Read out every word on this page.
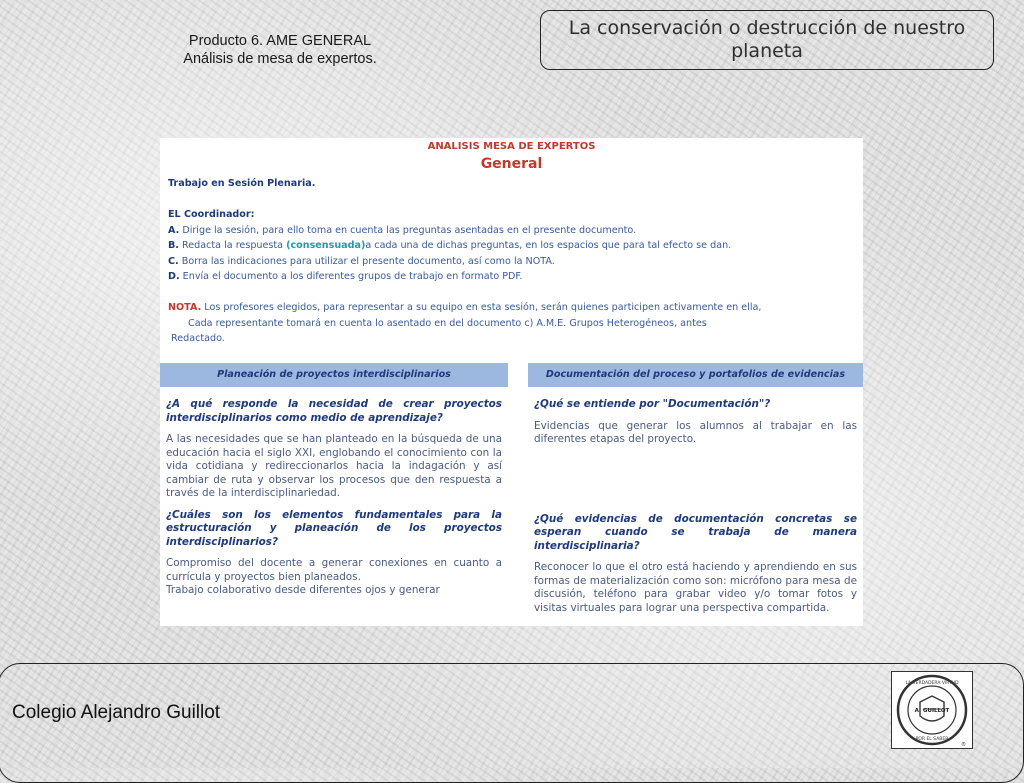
Producto 6. AME GENERAL
Análisis de mesa de expertos.
La conservación o destrucción de nuestro planeta
ANALISIS MESA DE EXPERTOS
General
Trabajo en Sesión Plenaria.

EL Coordinador:
A. Dirige la sesión, para ello toma en cuenta las preguntas asentadas en el presente documento.
B. Redacta la respuesta (consensuada)a cada una de dichas preguntas, en los espacios que para tal efecto se dan.
C. Borra las indicaciones para utilizar el presente documento, así como la NOTA.
D. Envía el documento a los diferentes grupos de trabajo en formato PDF.

NOTA. Los profesores elegidos, para representar a su equipo en esta sesión, serán quienes participen activamente en ella,
Cada representante tomará en cuenta lo asentado en del documento c) A.M.E. Grupos Heterogéneos, antes
Redactado.
Planeación de proyectos interdisciplinarios	Documentación del proceso y portafolios de evidencias

¿A qué responde la necesidad de crear proyectos interdisciplinarios como medio de aprendizaje?

A las necesidades que se han planteado en la búsqueda de una educación hacia el siglo XXI, englobando el conocimiento con la vida cotidiana y redireccionarlos hacia la indagación y así cambiar de ruta y observar los procesos que den respuesta a través de la interdisciplinariedad.

¿Cuáles son los elementos fundamentales para la estructuración y planeación de los proyectos interdisciplinarios?

Compromiso del docente a generar conexiones en cuanto a currícula y proyectos bien planeados.
Trabajo colaborativo desde diferentes ojos y generar

¿Qué se entiende por "Documentación"?

Evidencias que generar los alumnos al trabajar en las diferentes etapas del proyecto.

¿Qué evidencias de documentación concretas se esperan cuando se trabaja de manera interdisciplinaria?

Reconocer lo que el otro está haciendo y aprendiendo en sus formas de materialización como son: micrófono para mesa de discusión, teléfono para grabar video y/o tomar fotos y visitas virtuales para lograr una perspectiva compartida.

Colegio Alejandro Guillot	A. GUILLOT
LA VERDADERA VIRTUD
POR EL SABER
®
